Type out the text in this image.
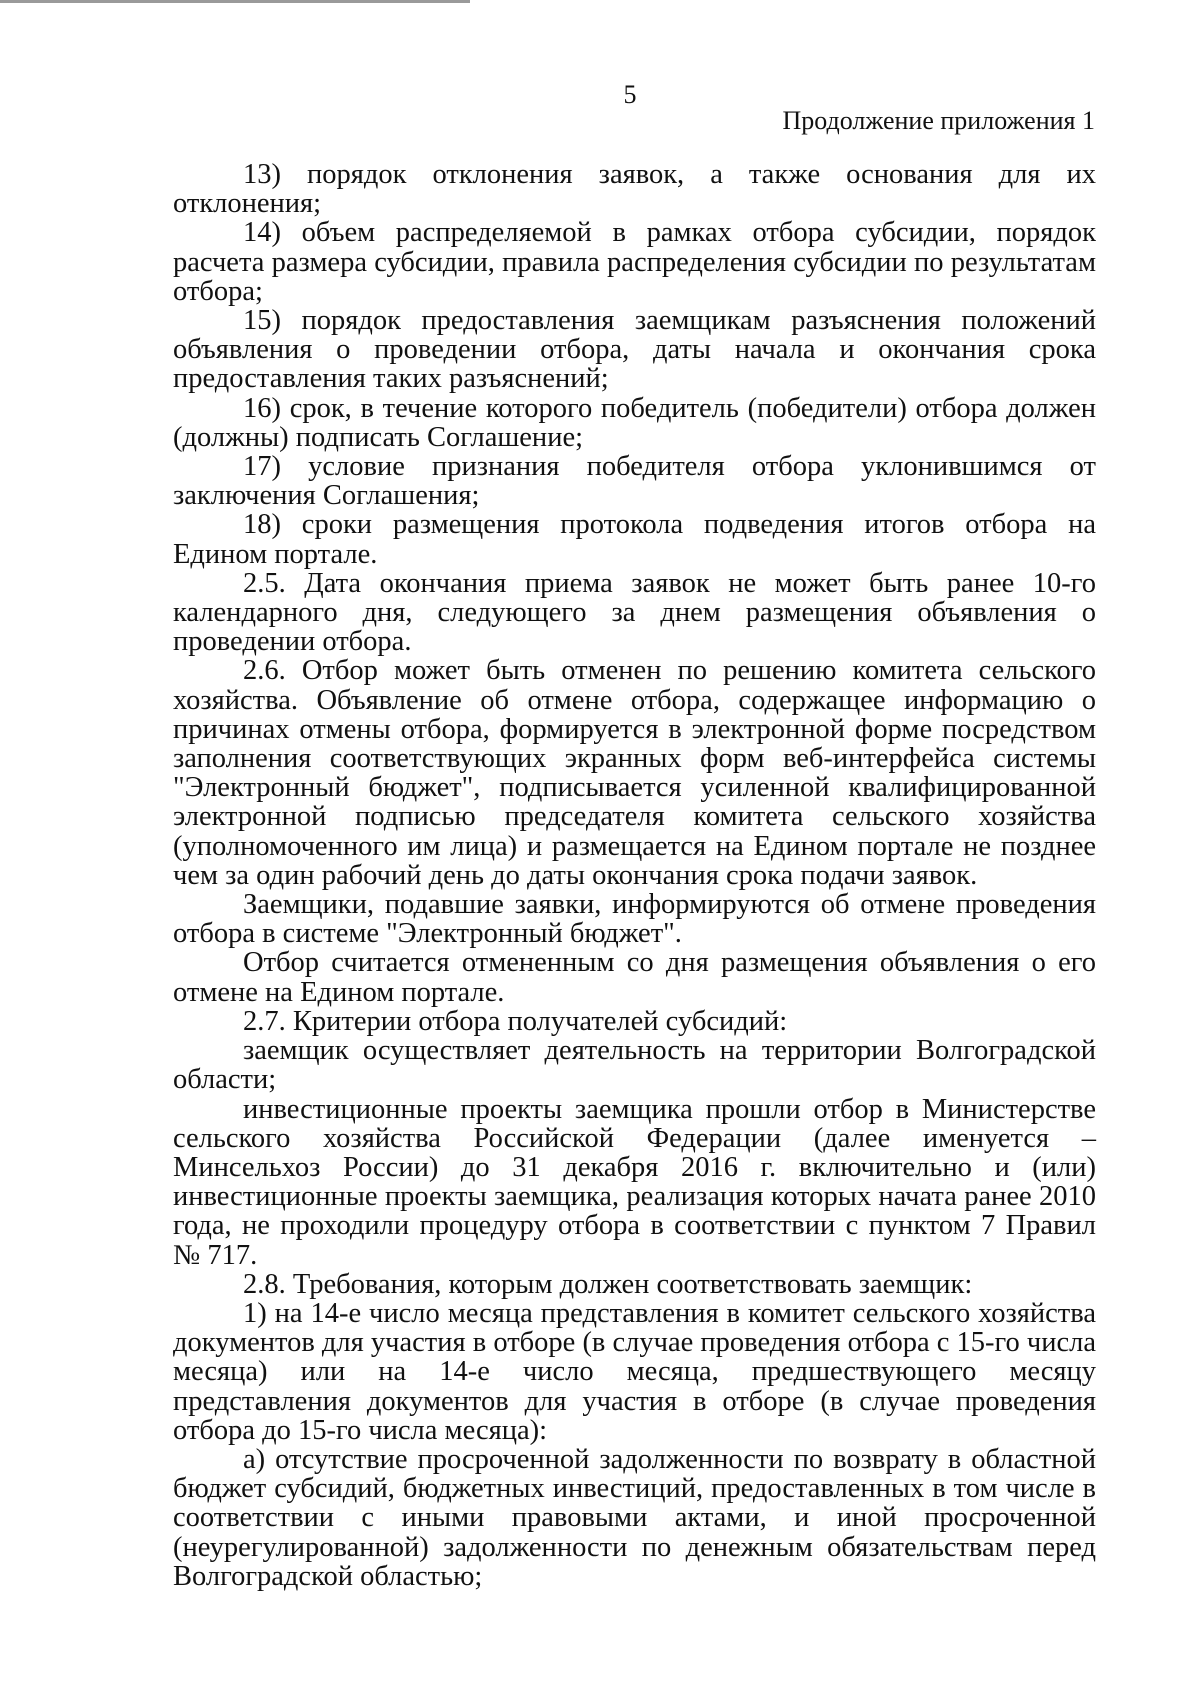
5
Продолжение приложения 1

13) порядок отклонения заявок, а также основания для их отклонения;

14) объем распределяемой в рамках отбора субсидии, порядок расчета размера субсидии, правила распределения субсидии по результатам отбора;

15) порядок предоставления заемщикам разъяснения положений объявления о проведении отбора, даты начала и окончания срока предоставления таких разъяснений;

16) срок, в течение которого победитель (победители) отбора должен (должны) подписать Соглашение;

17) условие признания победителя отбора уклонившимся от заключения Соглашения;

18) сроки размещения протокола подведения итогов отбора на Едином портале.

2.5. Дата окончания приема заявок не может быть ранее 10-го календарного дня, следующего за днем размещения объявления о проведении отбора.

2.6. Отбор может быть отменен по решению комитета сельского хозяйства. Объявление об отмене отбора, содержащее информацию о причинах отмены отбора, формируется в электронной форме посредством заполнения соответствующих экранных форм веб-интерфейса системы "Электронный бюджет", подписывается усиленной квалифицированной электронной подписью председателя комитета сельского хозяйства (уполномоченного им лица) и размещается на Едином портале не позднее чем за один рабочий день до даты окончания срока подачи заявок.

Заемщики, подавшие заявки, информируются об отмене проведения отбора в системе "Электронный бюджет".

Отбор считается отмененным со дня размещения объявления о его отмене на Едином портале.

2.7. Критерии отбора получателей субсидий:

заемщик осуществляет деятельность на территории Волгоградской области;

инвестиционные проекты заемщика прошли отбор в Министерстве сельского хозяйства Российской Федерации (далее именуется – Минсельхоз России) до 31 декабря 2016 г. включительно и (или) инвестиционные проекты заемщика, реализация которых начата ранее 2010 года, не проходили процедуру отбора в соответствии с пунктом 7 Правил № 717.

2.8. Требования, которым должен соответствовать заемщик:

1) на 14-е число месяца представления в комитет сельского хозяйства документов для участия в отборе (в случае проведения отбора с 15-го числа месяца) или на 14-е число месяца, предшествующего месяцу представления документов для участия в отборе (в случае проведения отбора до 15-го числа месяца):

а) отсутствие просроченной задолженности по возврату в областной бюджет субсидий, бюджетных инвестиций, предоставленных в том числе в соответствии с иными правовыми актами, и иной просроченной (неурегулированной) задолженности по денежным обязательствам перед Волгоградской областью;
